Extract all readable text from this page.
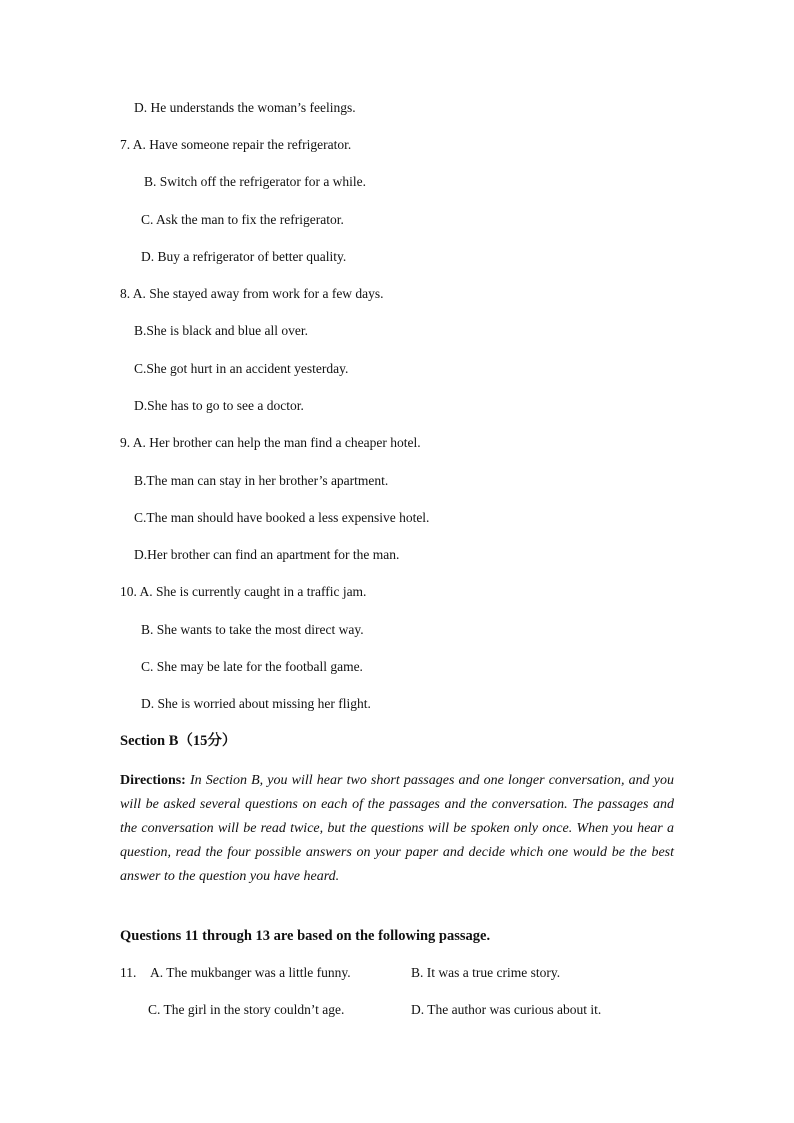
D. He understands the woman’s feelings.
7. A. Have someone repair the refrigerator.
B. Switch off the refrigerator for a while.
C. Ask the man to fix the refrigerator.
D. Buy a refrigerator of better quality.
8. A. She stayed away from work for a few days.
B.She is black and blue all over.
C.She got hurt in an accident yesterday.
D.She has to go to see a doctor.
9. A. Her brother can help the man find a cheaper hotel.
B.The man can stay in her brother’s apartment.
C.The man should have booked a less expensive hotel.
D.Her brother can find an apartment for the man.
10. A. She is currently caught in a traffic jam.
B. She wants to take the most direct way.
C. She may be late for the football game.
D. She is worried about missing her flight.
Section B（15分）
Directions: In Section B, you will hear two short passages and one longer conversation, and you will be asked several questions on each of the passages and the conversation. The passages and the conversation will be read twice, but the questions will be spoken only once. When you hear a question, read the four possible answers on your paper and decide which one would be the best answer to the question you have heard.
Questions 11 through 13 are based on the following passage.
11. A. The mukbanger was a little funny.	B. It was a true crime story.
C. The girl in the story couldn’t age.	D. The author was curious about it.
